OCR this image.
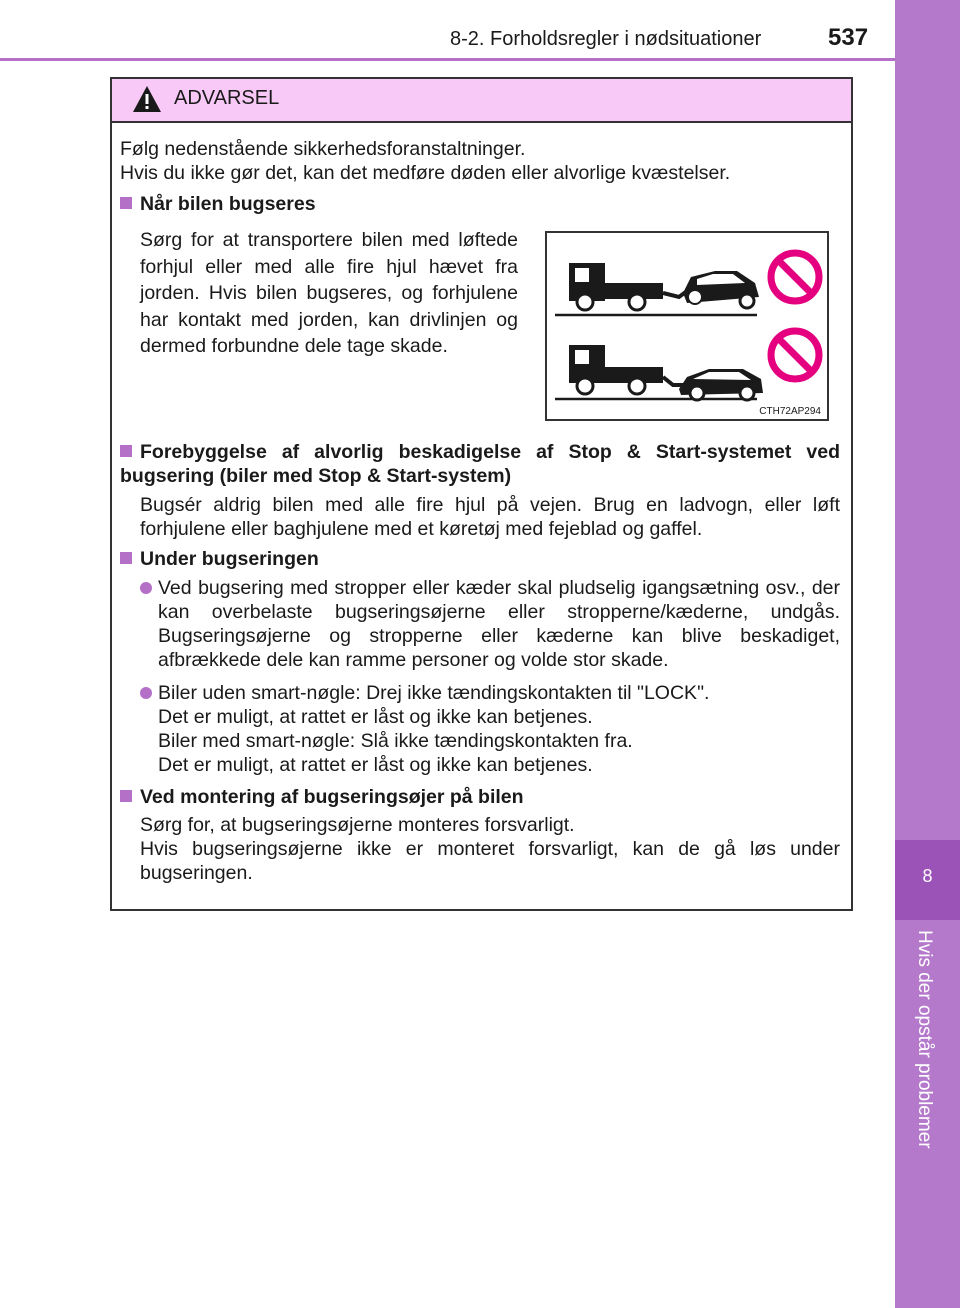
8-2. Forholdsregler i nødsituationer	537
8
Hvis der opstår problemer
ADVARSEL
Følg nedenstående sikkerhedsforanstaltninger.
Hvis du ikke gør det, kan det medføre døden eller alvorlige kvæstelser.
Når bilen bugseres
Sørg for at transportere bilen med løftede forhjul eller med alle fire hjul hævet fra jorden. Hvis bilen bugseres, og forhjulene har kontakt med jorden, kan drivlinjen og dermed forbundne dele tage skade.
CTH72AP294
Forebyggelse af alvorlig beskadigelse af Stop & Start-systemet ved bugsering (biler med Stop & Start-system)
Bugsér aldrig bilen med alle fire hjul på vejen. Brug en ladvogn, eller løft forhjulene eller baghjulene med et køretøj med fejeblad og gaffel.
Under bugseringen
Ved bugsering med stropper eller kæder skal pludselig igangsætning osv., der kan overbelaste bugseringsøjerne eller stropperne/kæderne, undgås. Bugseringsøjerne og stropperne eller kæderne kan blive beskadiget, afbrækkede dele kan ramme personer og volde stor skade.
Biler uden smart-nøgle: Drej ikke tændingskontakten til "LOCK".
Det er muligt, at rattet er låst og ikke kan betjenes.
Biler med smart-nøgle: Slå ikke tændingskontakten fra.
Det er muligt, at rattet er låst og ikke kan betjenes.
Ved montering af bugseringsøjer på bilen
Sørg for, at bugseringsøjerne monteres forsvarligt.
Hvis bugseringsøjerne ikke er monteret forsvarligt, kan de gå løs under bugseringen.
